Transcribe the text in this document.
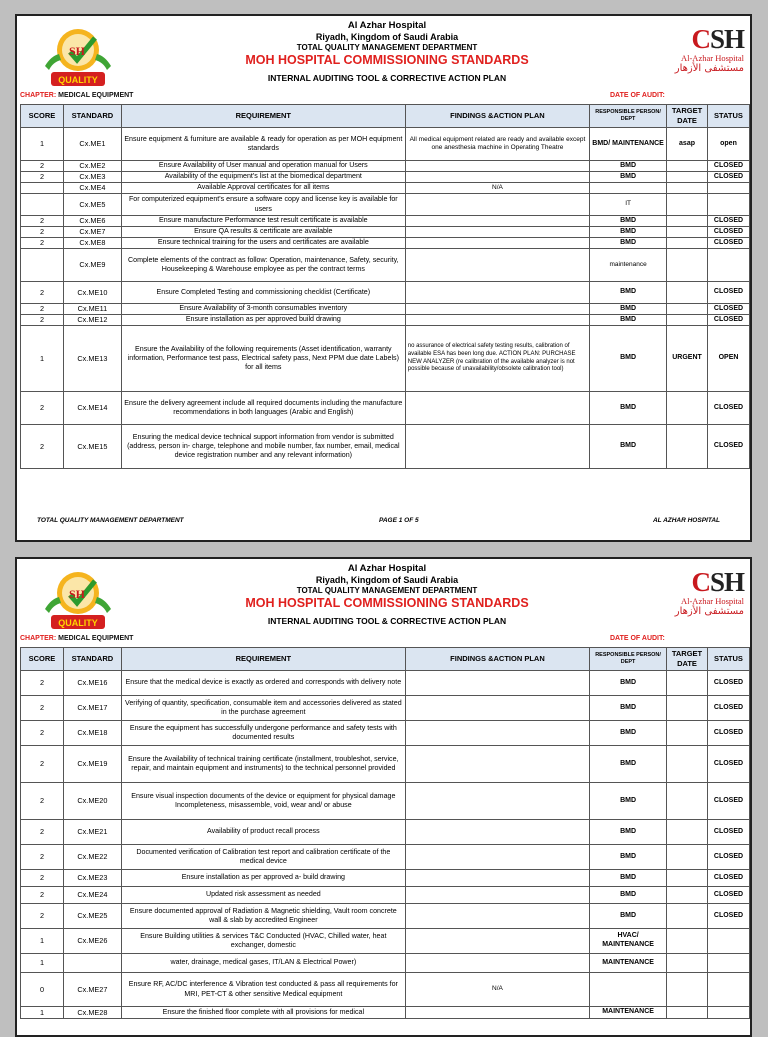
SH
QUALITY
Al Azhar Hospital
Riyadh, Kingdom of Saudi Arabia
TOTAL QUALITY MANAGEMENT DEPARTMENT
MOH HOSPITAL COMMISSIONING STANDARDS
INTERNAL AUDITING TOOL & CORRECTIVE ACTION PLAN
CSH
Al-Azhar Hospital
مستشفى الأزهار
CHAPTER: MEDICAL EQUIPMENT	DATE OF AUDIT:
SCORE	STANDARD	REQUIREMENT	FINDINGS &ACTION PLAN	RESPONSIBLE PERSON/ DEPT	TARGET DATE	STATUS
1	Cx.ME1	Ensure equipment & furniture are available & ready for operation as per MOH equipment standards	All medical equipment related are ready and available except one anesthesia machine in Operating Theatre	BMD/ MAINTENANCE	asap	open
2	Cx.ME2	Ensure Availability of User manual and operation manual for Users		BMD		CLOSED
2	Cx.ME3	Availability of the equipment's list at the biomedical department		BMD		CLOSED
	Cx.ME4	Available Approval certificates for all items	N/A			
	Cx.ME5	For computerized equipment's ensure a software copy and license key is available for users		IT		
2	Cx.ME6	Ensure manufacture Performance test result certificate is available		BMD		CLOSED
2	Cx.ME7	Ensure QA results & certificate are available		BMD		CLOSED
2	Cx.ME8	Ensure technical training for the users and certificates are available		BMD		CLOSED
	Cx.ME9	Complete elements of the contract as follow: Operation, maintenance, Safety, security, Housekeeping & Warehouse employee as per the contract terms		maintenance		
2	Cx.ME10	Ensure Completed Testing and commissioning checklist (Certificate)		BMD		CLOSED
2	Cx.ME11	Ensure Availability of 3-month consumables inventory		BMD		CLOSED
2	Cx.ME12	Ensure installation as per approved build drawing		BMD		CLOSED
1	Cx.ME13	Ensure the Availability of the following requirements (Asset identification, warranty information, Performance test pass, Electrical safety pass, Next PPM due date Labels) for all items	no assurance of electrical safety testing results, calibration of available ESA has been long due. ACTION PLAN: PURCHASE NEW ANALYZER (re calibration of the available analyzer is not possible because of unavailability/obsolete calibration tool)	BMD	URGENT	OPEN
2	Cx.ME14	Ensure the delivery agreement include all required documents including the manufacture recommendations in both languages (Arabic and English)		BMD		CLOSED
2	Cx.ME15	Ensuring the medical device technical support information from vendor is submitted (address, person in- charge, telephone and mobile number, fax number, email, medical device registration number and any relevant information)		BMD		CLOSED
TOTAL QUALITY MANAGEMENT DEPARTMENT	PAGE 1 OF 5	AL AZHAR HOSPITAL
SH
QUALITY
Al Azhar Hospital
Riyadh, Kingdom of Saudi Arabia
TOTAL QUALITY MANAGEMENT DEPARTMENT
MOH HOSPITAL COMMISSIONING STANDARDS
INTERNAL AUDITING TOOL & CORRECTIVE ACTION PLAN
CSH
Al-Azhar Hospital
مستشفى الأزهار
CHAPTER: MEDICAL EQUIPMENT	DATE OF AUDIT:
SCORE	STANDARD	REQUIREMENT	FINDINGS &ACTION PLAN	RESPONSIBLE PERSON/ DEPT	TARGET DATE	STATUS
2	Cx.ME16	Ensure that the medical device is exactly as ordered and corresponds with delivery note		BMD		CLOSED
2	Cx.ME17	Verifying of quantity, specification, consumable item and accessories delivered as stated in the purchase agreement		BMD		CLOSED
2	Cx.ME18	Ensure the equipment has successfully undergone performance and safety tests with documented results		BMD		CLOSED
2	Cx.ME19	Ensure the Availability of technical training certificate (installment, troubleshot, service, repair, and maintain equipment and instruments) to the technical personnel provided		BMD		CLOSED
2	Cx.ME20	Ensure visual inspection documents of the device or equipment for physical damage Incompleteness, misassemble, void, wear and/ or abuse		BMD		CLOSED
2	Cx.ME21	Availability of product recall process		BMD		CLOSED
2	Cx.ME22	Documented verification of Calibration test report and calibration certificate of the medical device		BMD		CLOSED
2	Cx.ME23	Ensure installation as per approved a- build drawing		BMD		CLOSED
2	Cx.ME24	Updated risk assessment as needed		BMD		CLOSED
2	Cx.ME25	Ensure documented approval of Radiation & Magnetic shielding, Vault room concrete wall & slab by accredited Engineer		BMD		CLOSED
1	Cx.ME26	Ensure Building utilities & services T&C Conducted (HVAC, Chilled water, heat exchanger, domestic		HVAC/ MAINTENANCE		
1		water, drainage, medical gases, IT/LAN & Electrical Power)		MAINTENANCE		
0	Cx.ME27	Ensure RF, AC/DC interference & Vibration test conducted & pass all requirements for MRI, PET-CT & other sensitive Medical equipment	N/A			
1	Cx.ME28	Ensure the finished floor complete with all provisions for medical		MAINTENANCE		
